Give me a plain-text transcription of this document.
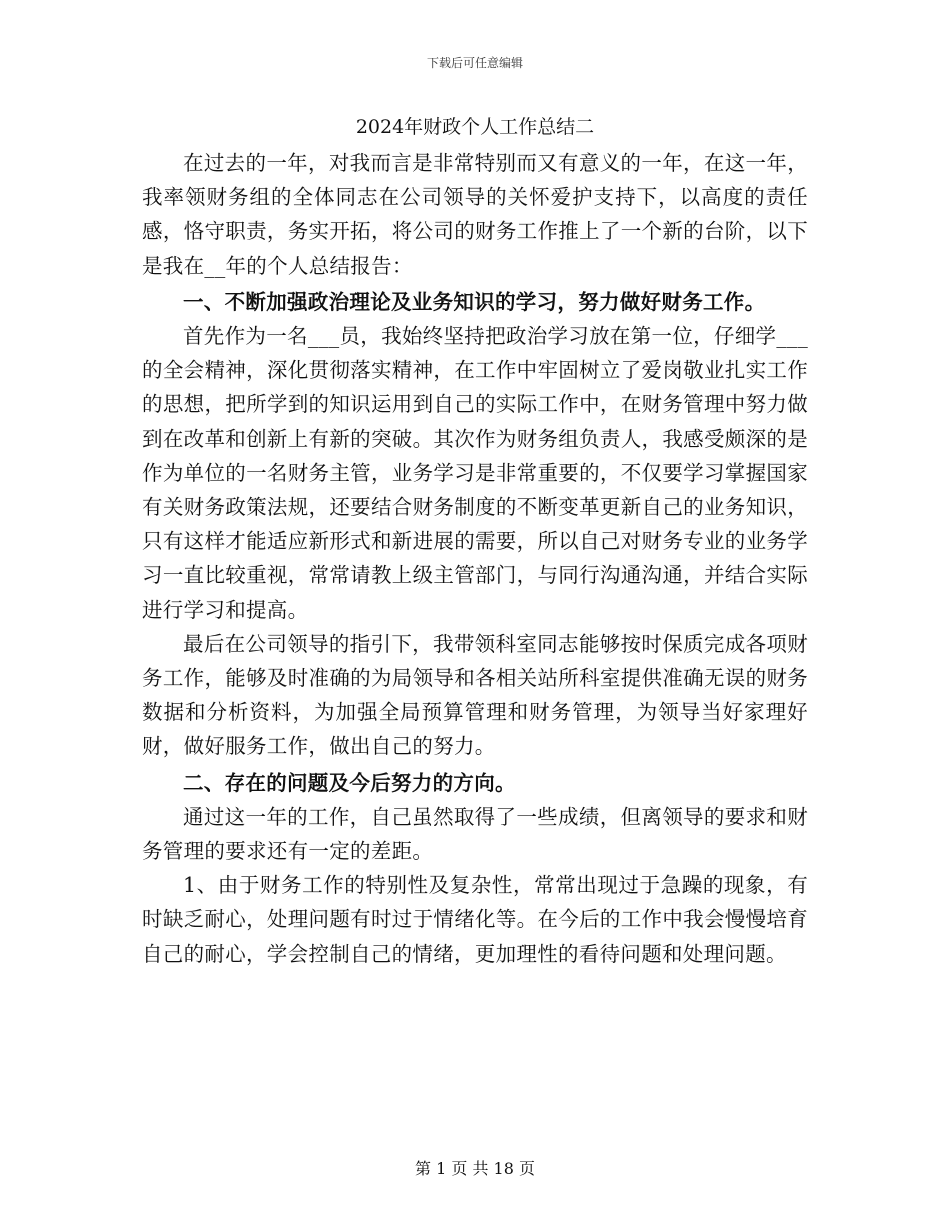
下载后可任意编辑
2024年财政个人工作总结二

在过去的一年，对我而言是非常特别而又有意义的一年，在这一年，我率领财务组的全体同志在公司领导的关怀爱护支持下，以高度的责任感，恪守职责，务实开拓，将公司的财务工作推上了一个新的台阶，以下是我在__年的个人总结报告：

一、不断加强政治理论及业务知识的学习，努力做好财务工作。

首先作为一名___员，我始终坚持把政治学习放在第一位，仔细学___的全会精神，深化贯彻落实精神，在工作中牢固树立了爱岗敬业扎实工作的思想，把所学到的知识运用到自己的实际工作中，在财务管理中努力做到在改革和创新上有新的突破。其次作为财务组负责人，我感受颇深的是作为单位的一名财务主管，业务学习是非常重要的，不仅要学习掌握国家有关财务政策法规，还要结合财务制度的不断变革更新自己的业务知识，只有这样才能适应新形式和新进展的需要，所以自己对财务专业的业务学习一直比较重视，常常请教上级主管部门，与同行沟通沟通，并结合实际进行学习和提高。

最后在公司领导的指引下，我带领科室同志能够按时保质完成各项财务工作，能够及时准确的为局领导和各相关站所科室提供准确无误的财务数据和分析资料，为加强全局预算管理和财务管理，为领导当好家理好财，做好服务工作，做出自己的努力。

二、存在的问题及今后努力的方向。

通过这一年的工作，自己虽然取得了一些成绩，但离领导的要求和财务管理的要求还有一定的差距。

1、由于财务工作的特别性及复杂性，常常出现过于急躁的现象，有时缺乏耐心，处理问题有时过于情绪化等。在今后的工作中我会慢慢培育自己的耐心，学会控制自己的情绪，更加理性的看待问题和处理问题。

第 1 页 共 18 页
